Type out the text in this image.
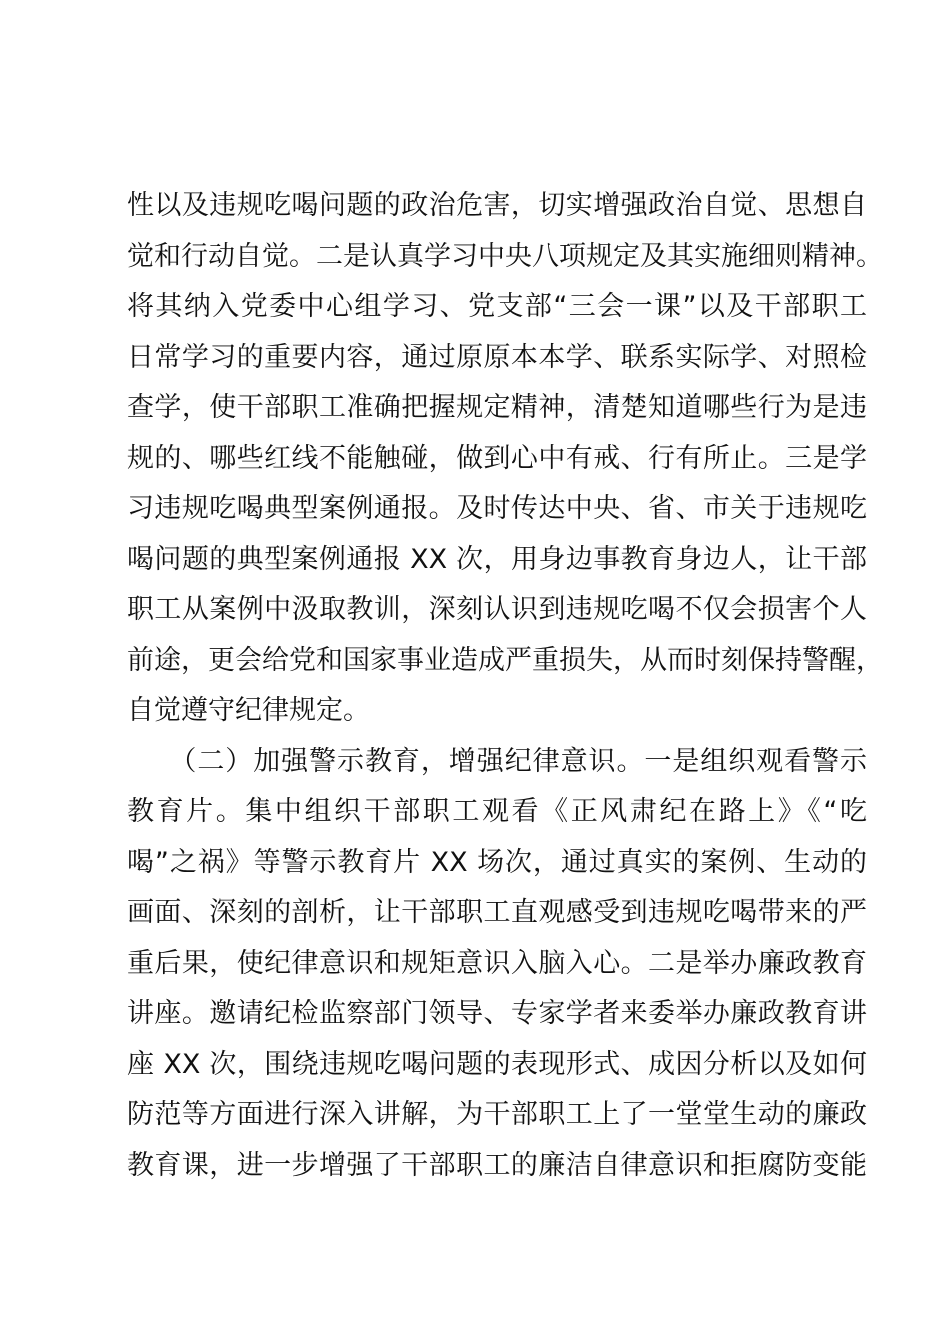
性以及违规吃喝问题的政治危害，切实增强政治自觉、思想自
觉和行动自觉。二是认真学习中央八项规定及其实施细则精神。
将其纳入党委中心组学习、党支部“三会一课”以及干部职工
日常学习的重要内容，通过原原本本学、联系实际学、对照检
查学，使干部职工准确把握规定精神，清楚知道哪些行为是违
规的、哪些红线不能触碰，做到心中有戒、行有所止。三是学
习违规吃喝典型案例通报。及时传达中央、省、市关于违规吃
喝问题的典型案例通报 XX 次，用身边事教育身边人，让干部
职工从案例中汲取教训，深刻认识到违规吃喝不仅会损害个人
前途，更会给党和国家事业造成严重损失，从而时刻保持警醒，
自觉遵守纪律规定。
　　（二）加强警示教育，增强纪律意识。一是组织观看警示
教育片。集中组织干部职工观看《正风肃纪在路上》《“吃
喝”之祸》等警示教育片 XX 场次，通过真实的案例、生动的
画面、深刻的剖析，让干部职工直观感受到违规吃喝带来的严
重后果，使纪律意识和规矩意识入脑入心。二是举办廉政教育
讲座。邀请纪检监察部门领导、专家学者来委举办廉政教育讲
座 XX 次，围绕违规吃喝问题的表现形式、成因分析以及如何
防范等方面进行深入讲解，为干部职工上了一堂堂生动的廉政
教育课，进一步增强了干部职工的廉洁自律意识和拒腐防变能
